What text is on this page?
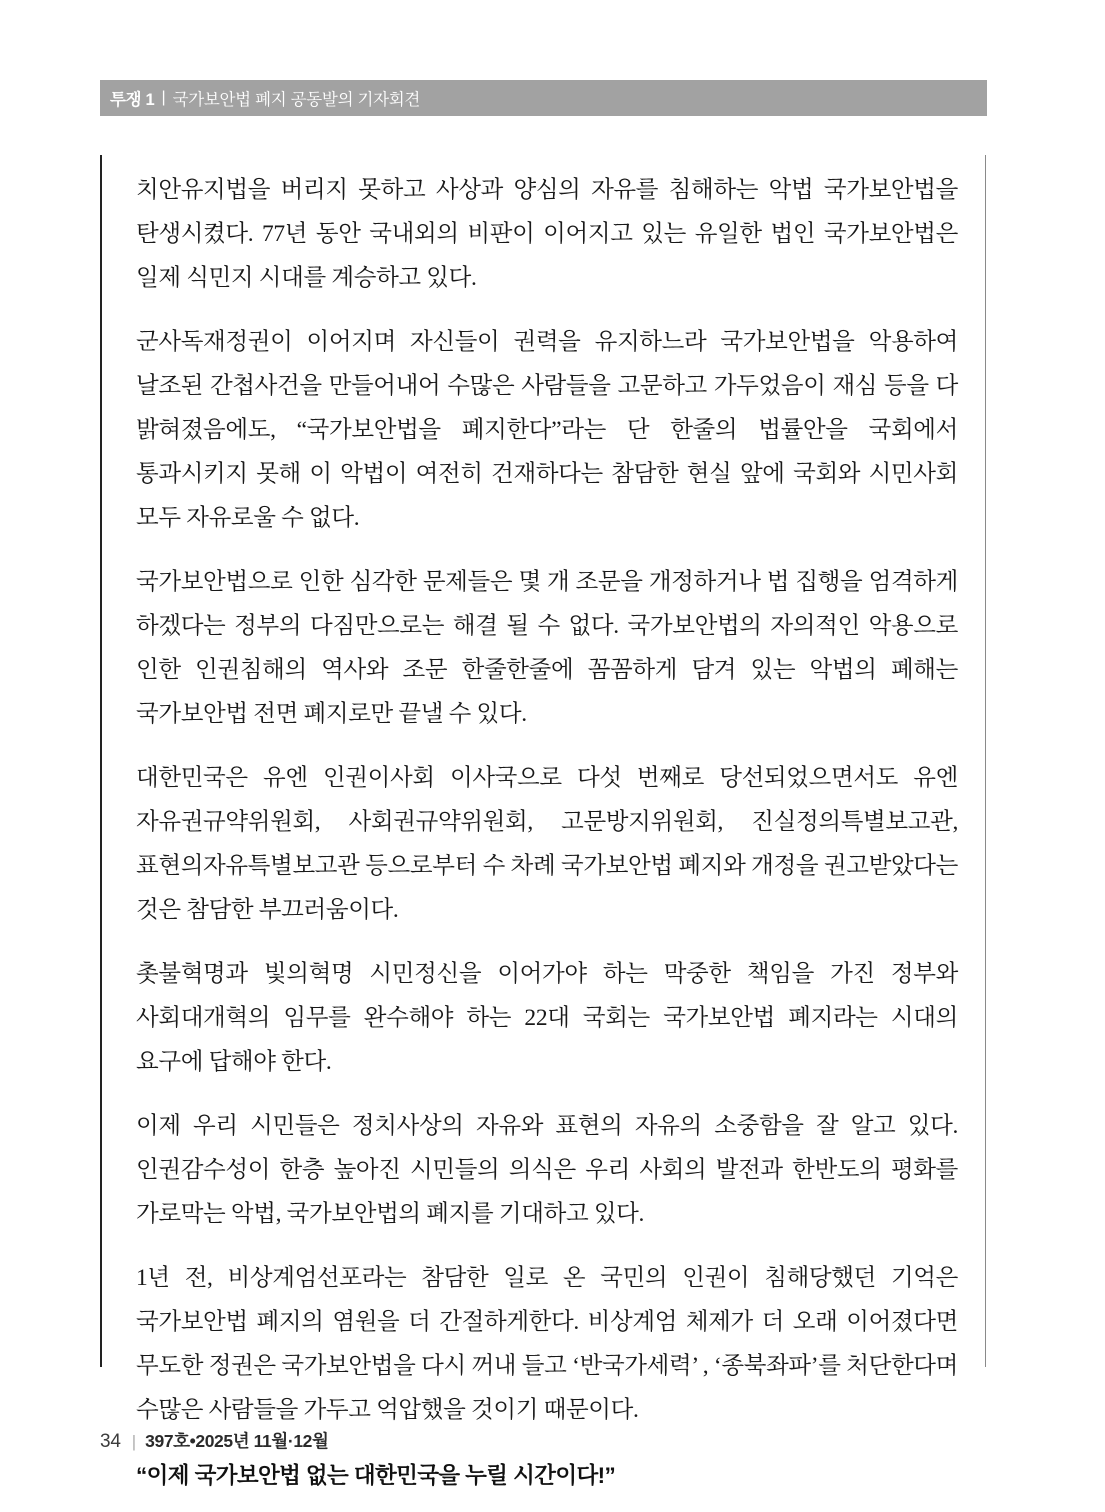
투쟁 1 | 국가보안법 폐지 공동발의 기자회견

치안유지법을 버리지 못하고 사상과 양심의 자유를 침해하는 악법 국가보안법을 탄생시켰다. 77년 동안 국내외의 비판이 이어지고 있는 유일한 법인 국가보안법은 일제 식민지 시대를 계승하고 있다.

군사독재정권이 이어지며 자신들이 권력을 유지하느라 국가보안법을 악용하여 날조된 간첩사건을 만들어내어 수많은 사람들을 고문하고 가두었음이 재심 등을 다 밝혀졌음에도, “국가보안법을 폐지한다”라는 단 한줄의 법률안을 국회에서 통과시키지 못해 이 악법이 여전히 건재하다는 참담한 현실 앞에 국회와 시민사회 모두 자유로울 수 없다.

국가보안법으로 인한 심각한 문제들은 몇 개 조문을 개정하거나 법 집행을 엄격하게 하겠다는 정부의 다짐만으로는 해결 될 수 없다. 국가보안법의 자의적인 악용으로 인한 인권침해의 역사와 조문 한줄한줄에 꼼꼼하게 담겨 있는 악법의 폐해는 국가보안법 전면 폐지로만 끝낼 수 있다.

대한민국은 유엔 인권이사회 이사국으로 다섯 번째로 당선되었으면서도 유엔 자유권규약위원회, 사회권규약위원회, 고문방지위원회, 진실정의특별보고관, 표현의자유특별보고관 등으로부터 수 차례 국가보안법 폐지와 개정을 권고받았다는 것은 참담한 부끄러움이다.

촛불혁명과 빛의혁명 시민정신을 이어가야 하는 막중한 책임을 가진 정부와 사회대개혁의 임무를 완수해야 하는 22대 국회는 국가보안법 폐지라는 시대의 요구에 답해야 한다.

이제 우리 시민들은 정치사상의 자유와 표현의 자유의 소중함을 잘 알고 있다. 인권감수성이 한층 높아진 시민들의 의식은 우리 사회의 발전과 한반도의 평화를 가로막는 악법, 국가보안법의 폐지를 기대하고 있다.

1년 전, 비상계엄선포라는 참담한 일로 온 국민의 인권이 침해당했던 기억은 국가보안법 폐지의 염원을 더 간절하게한다. 비상계엄 체제가 더 오래 이어졌다면 무도한 정권은 국가보안법을 다시 꺼내 들고 ‘반국가세력’ , ‘종북좌파’를 처단한다며 수많은 사람들을 가두고 억압했을 것이기 때문이다.

“이제 국가보안법 없는 대한민국을 누릴 시간이다!”

34 | 397호•2025년 11월·12월
